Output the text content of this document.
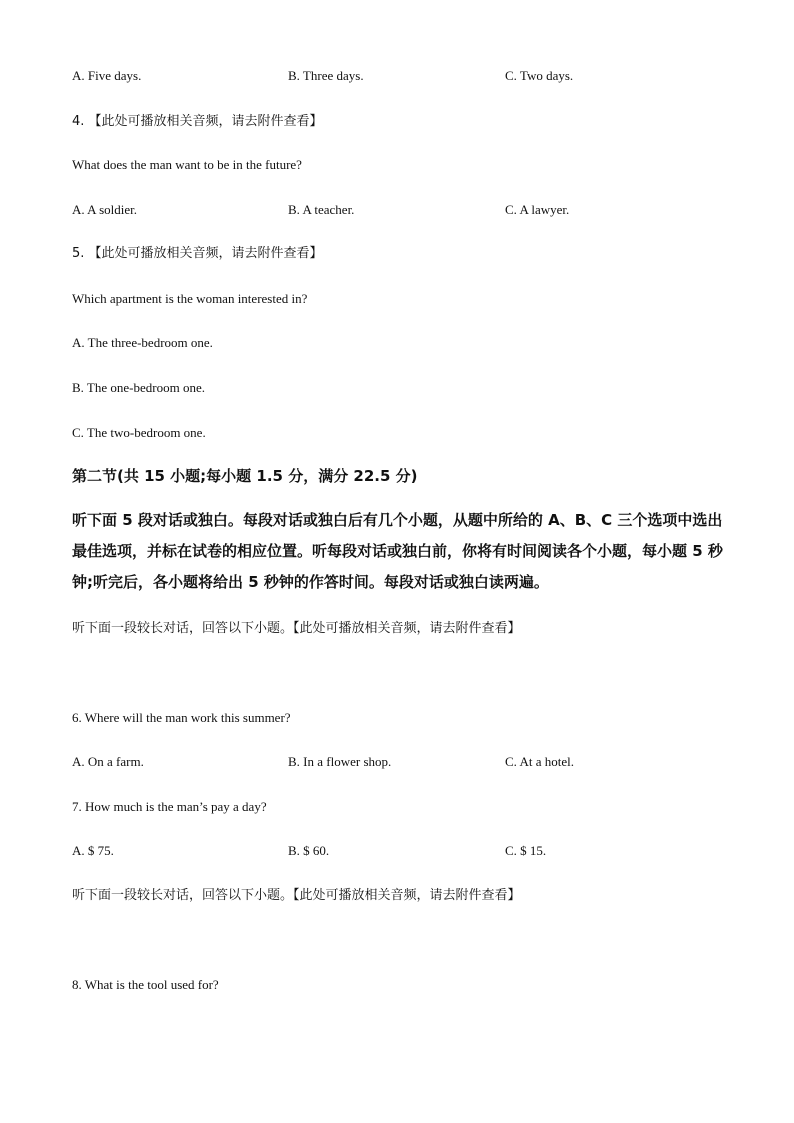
A. Five days.	B. Three days.	C. Two days.
4. 【此处可播放相关音频，请去附件查看】
What does the man want to be in the future?
A. A soldier.	B. A teacher.	C. A lawyer.
5. 【此处可播放相关音频，请去附件查看】
Which apartment is the woman interested in?
A. The three-bedroom one.
B. The one-bedroom one.
C. The two-bedroom one.
第二节(共 15 小题;每小题 1.5 分，满分 22.5 分)
听下面 5 段对话或独白。每段对话或独白后有几个小题，从题中所给的 A、B、C 三个选项中选出最佳选项，并标在试卷的相应位置。听每段对话或独白前，你将有时间阅读各个小题，每小题 5 秒钟;听完后，各小题将给出 5 秒钟的作答时间。每段对话或独白读两遍。
听下面一段较长对话，回答以下小题。【此处可播放相关音频，请去附件查看】
6. Where will the man work this summer?
A. On a farm.	B. In a flower shop.	C. At a hotel.
7. How much is the man’s pay a day?
A. $ 75.	B. $ 60.	C. $ 15.
听下面一段较长对话，回答以下小题。【此处可播放相关音频，请去附件查看】
8. What is the tool used for?
